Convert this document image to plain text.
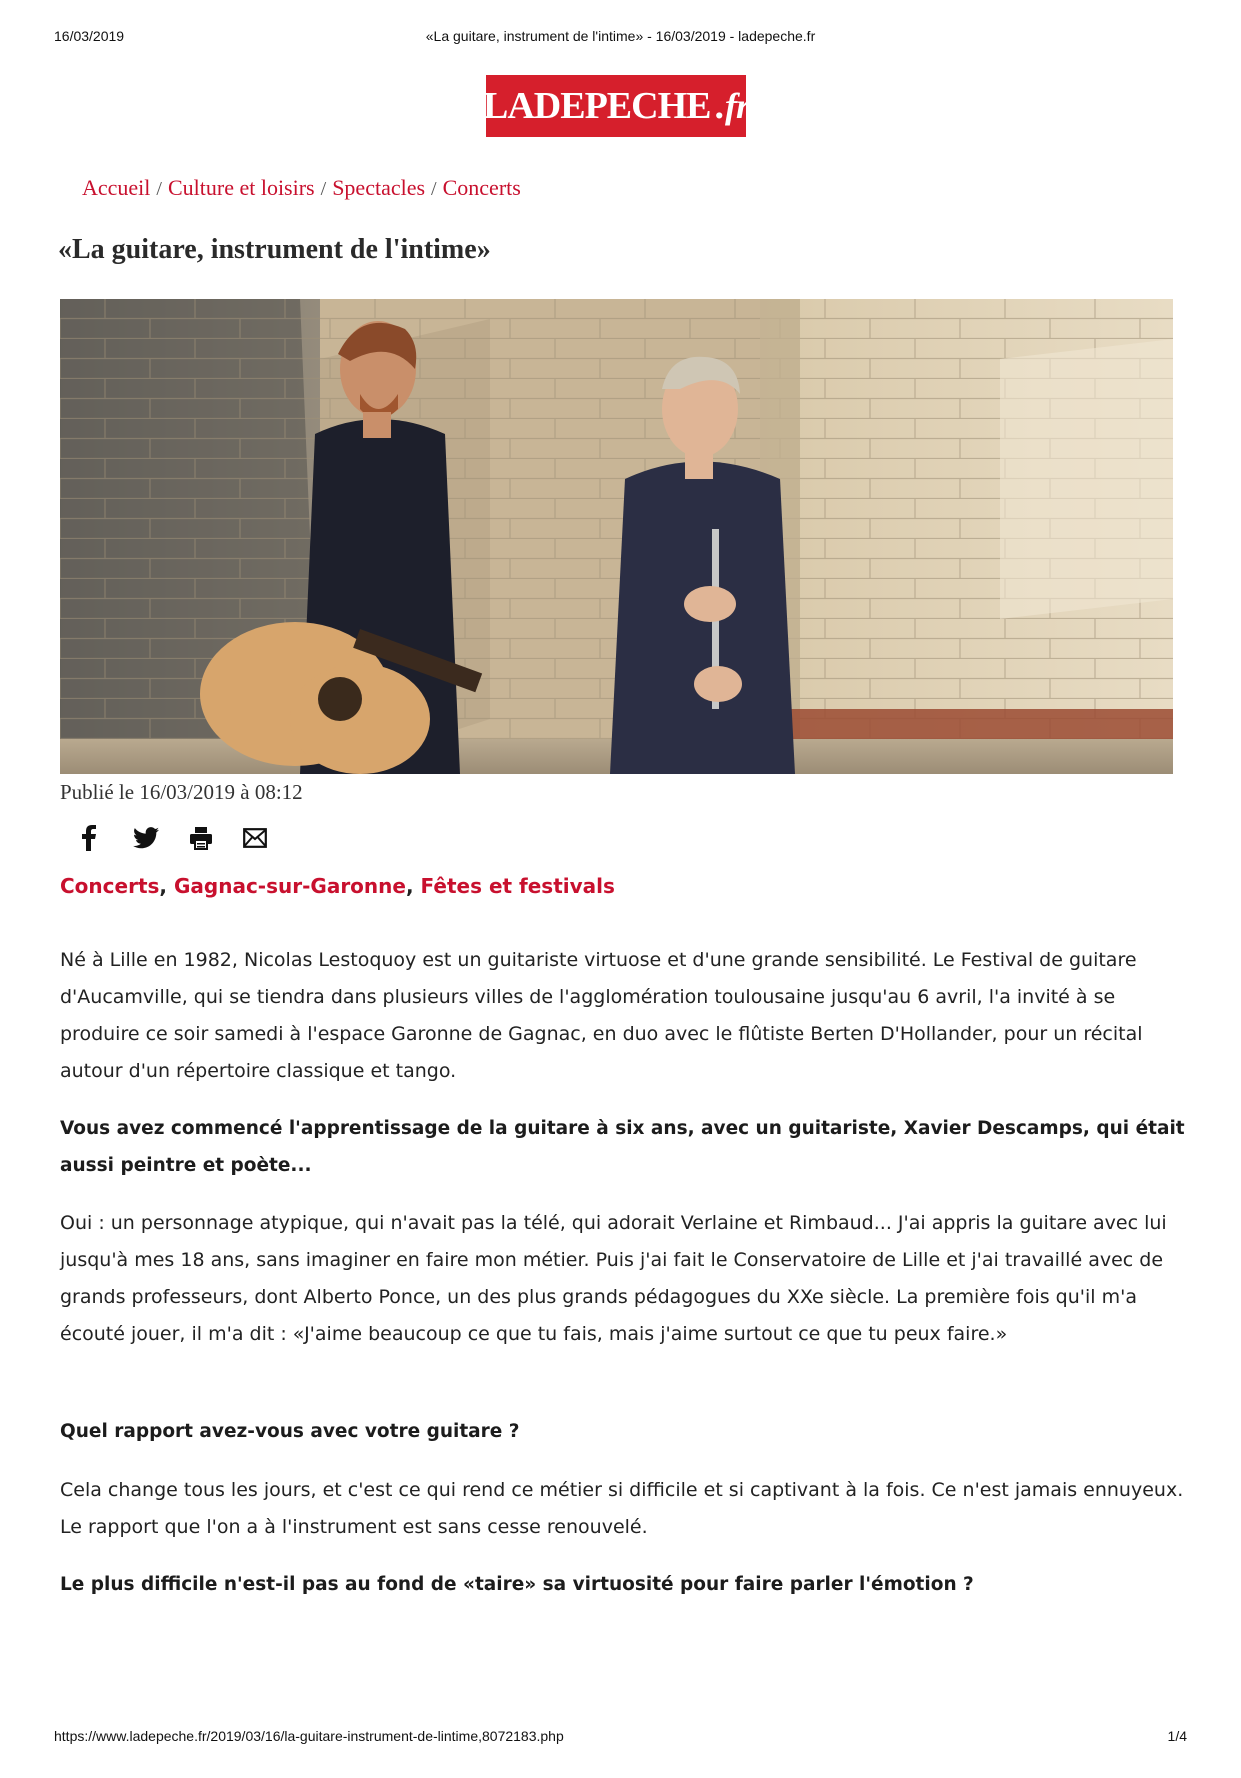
16/03/2019	«La guitare, instrument de l'intime» - 16/03/2019 - ladepeche.fr
LADEPECHE . fr
Accueil / Culture et loisirs / Spectacles / Concerts
«La guitare, instrument de l'intime»

Publié le 16/03/2019 à 08:12

Concerts, Gagnac-sur-Garonne, Fêtes et festivals

Né à Lille en 1982, Nicolas Lestoquoy est un guitariste virtuose et d'une grande sensibilité. Le Festival de guitare d'Aucamville, qui se tiendra dans plusieurs villes de l'agglomération toulousaine jusqu'au 6 avril, l'a invité à se produire ce soir samedi à l'espace Garonne de Gagnac, en duo avec le flûtiste Berten D'Hollander, pour un récital autour d'un répertoire classique et tango.

Vous avez commencé l'apprentissage de la guitare à six ans, avec un guitariste, Xavier Descamps, qui était aussi peintre et poète...

Oui : un personnage atypique, qui n'avait pas la télé, qui adorait Verlaine et Rimbaud... J'ai appris la guitare avec lui jusqu'à mes 18 ans, sans imaginer en faire mon métier. Puis j'ai fait le Conservatoire de Lille et j'ai travaillé avec de grands professeurs, dont Alberto Ponce, un des plus grands pédagogues du XXe siècle. La première fois qu'il m'a écouté jouer, il m'a dit : «J'aime beaucoup ce que tu fais, mais j'aime surtout ce que tu peux faire.»

Quel rapport avez-vous avec votre guitare ?

Cela change tous les jours, et c'est ce qui rend ce métier si difficile et si captivant à la fois. Ce n'est jamais ennuyeux. Le rapport que l'on a à l'instrument est sans cesse renouvelé.

Le plus difficile n'est-il pas au fond de «taire» sa virtuosité pour faire parler l'émotion ?

https://www.ladepeche.fr/2019/03/16/la-guitare-instrument-de-lintime,8072183.php	1/4
